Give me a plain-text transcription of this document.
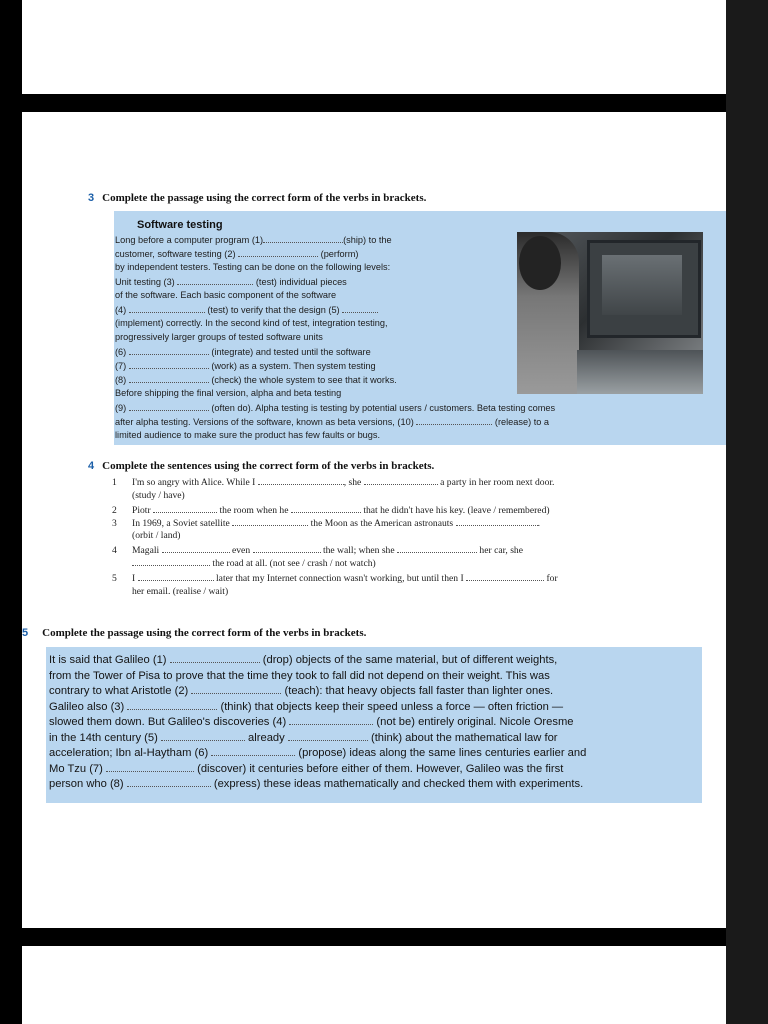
3 Complete the passage using the correct form of the verbs in brackets.
Software testing
Long before a computer program (1)	(ship) to the
customer, software testing (2)	(perform)
by independent testers. Testing can be done on the following levels:
Unit testing (3)	(test) individual pieces
of the software. Each basic component of the software
(4)	(test) to verify that the design (5)
(implement) correctly. In the second kind of test, integration testing,
progressively larger groups of tested software units
(6)	(integrate) and tested until the software
(7)	(work) as a system. Then system testing
(8)	(check) the whole system to see that it works.
Before shipping the final version, alpha and beta testing
(9)	(often do). Alpha testing is testing by potential users / customers. Beta testing comes
after alpha testing. Versions of the software, known as beta versions, (10)	(release) to a
limited audience to make sure the product has few faults or bugs.
4 Complete the sentences using the correct form of the verbs in brackets.
1 I'm so angry with Alice. While I	, she	a party in her room next door.
(study / have)
2 Piotr	the room when he	that he didn't have his key. (leave / remembered)
3 In 1969, a Soviet satellite	the Moon as the American astronauts	.
(orbit / land)
4 Magali	even	the wall; when she	her car, she
the road at all. (not see / crash / not watch)
5 I	later that my Internet connection wasn't working, but until then I	for
her email. (realise / wait)
5 Complete the passage using the correct form of the verbs in brackets.
It is said that Galileo (1)	(drop) objects of the same material, but of different weights,
from the Tower of Pisa to prove that the time they took to fall did not depend on their weight. This was
contrary to what Aristotle (2)	(teach): that heavy objects fall faster than lighter ones.
Galileo also (3)	(think) that objects keep their speed unless a force — often friction —
slowed them down. But Galileo's discoveries (4)	(not be) entirely original. Nicole Oresme
in the 14th century (5)	already	(think) about the mathematical law for
acceleration; Ibn al-Haytham (6)	(propose) ideas along the same lines centuries earlier and
Mo Tzu (7)	(discover) it centuries before either of them. However, Galileo was the first
person who (8)	(express) these ideas mathematically and checked them with experiments.
